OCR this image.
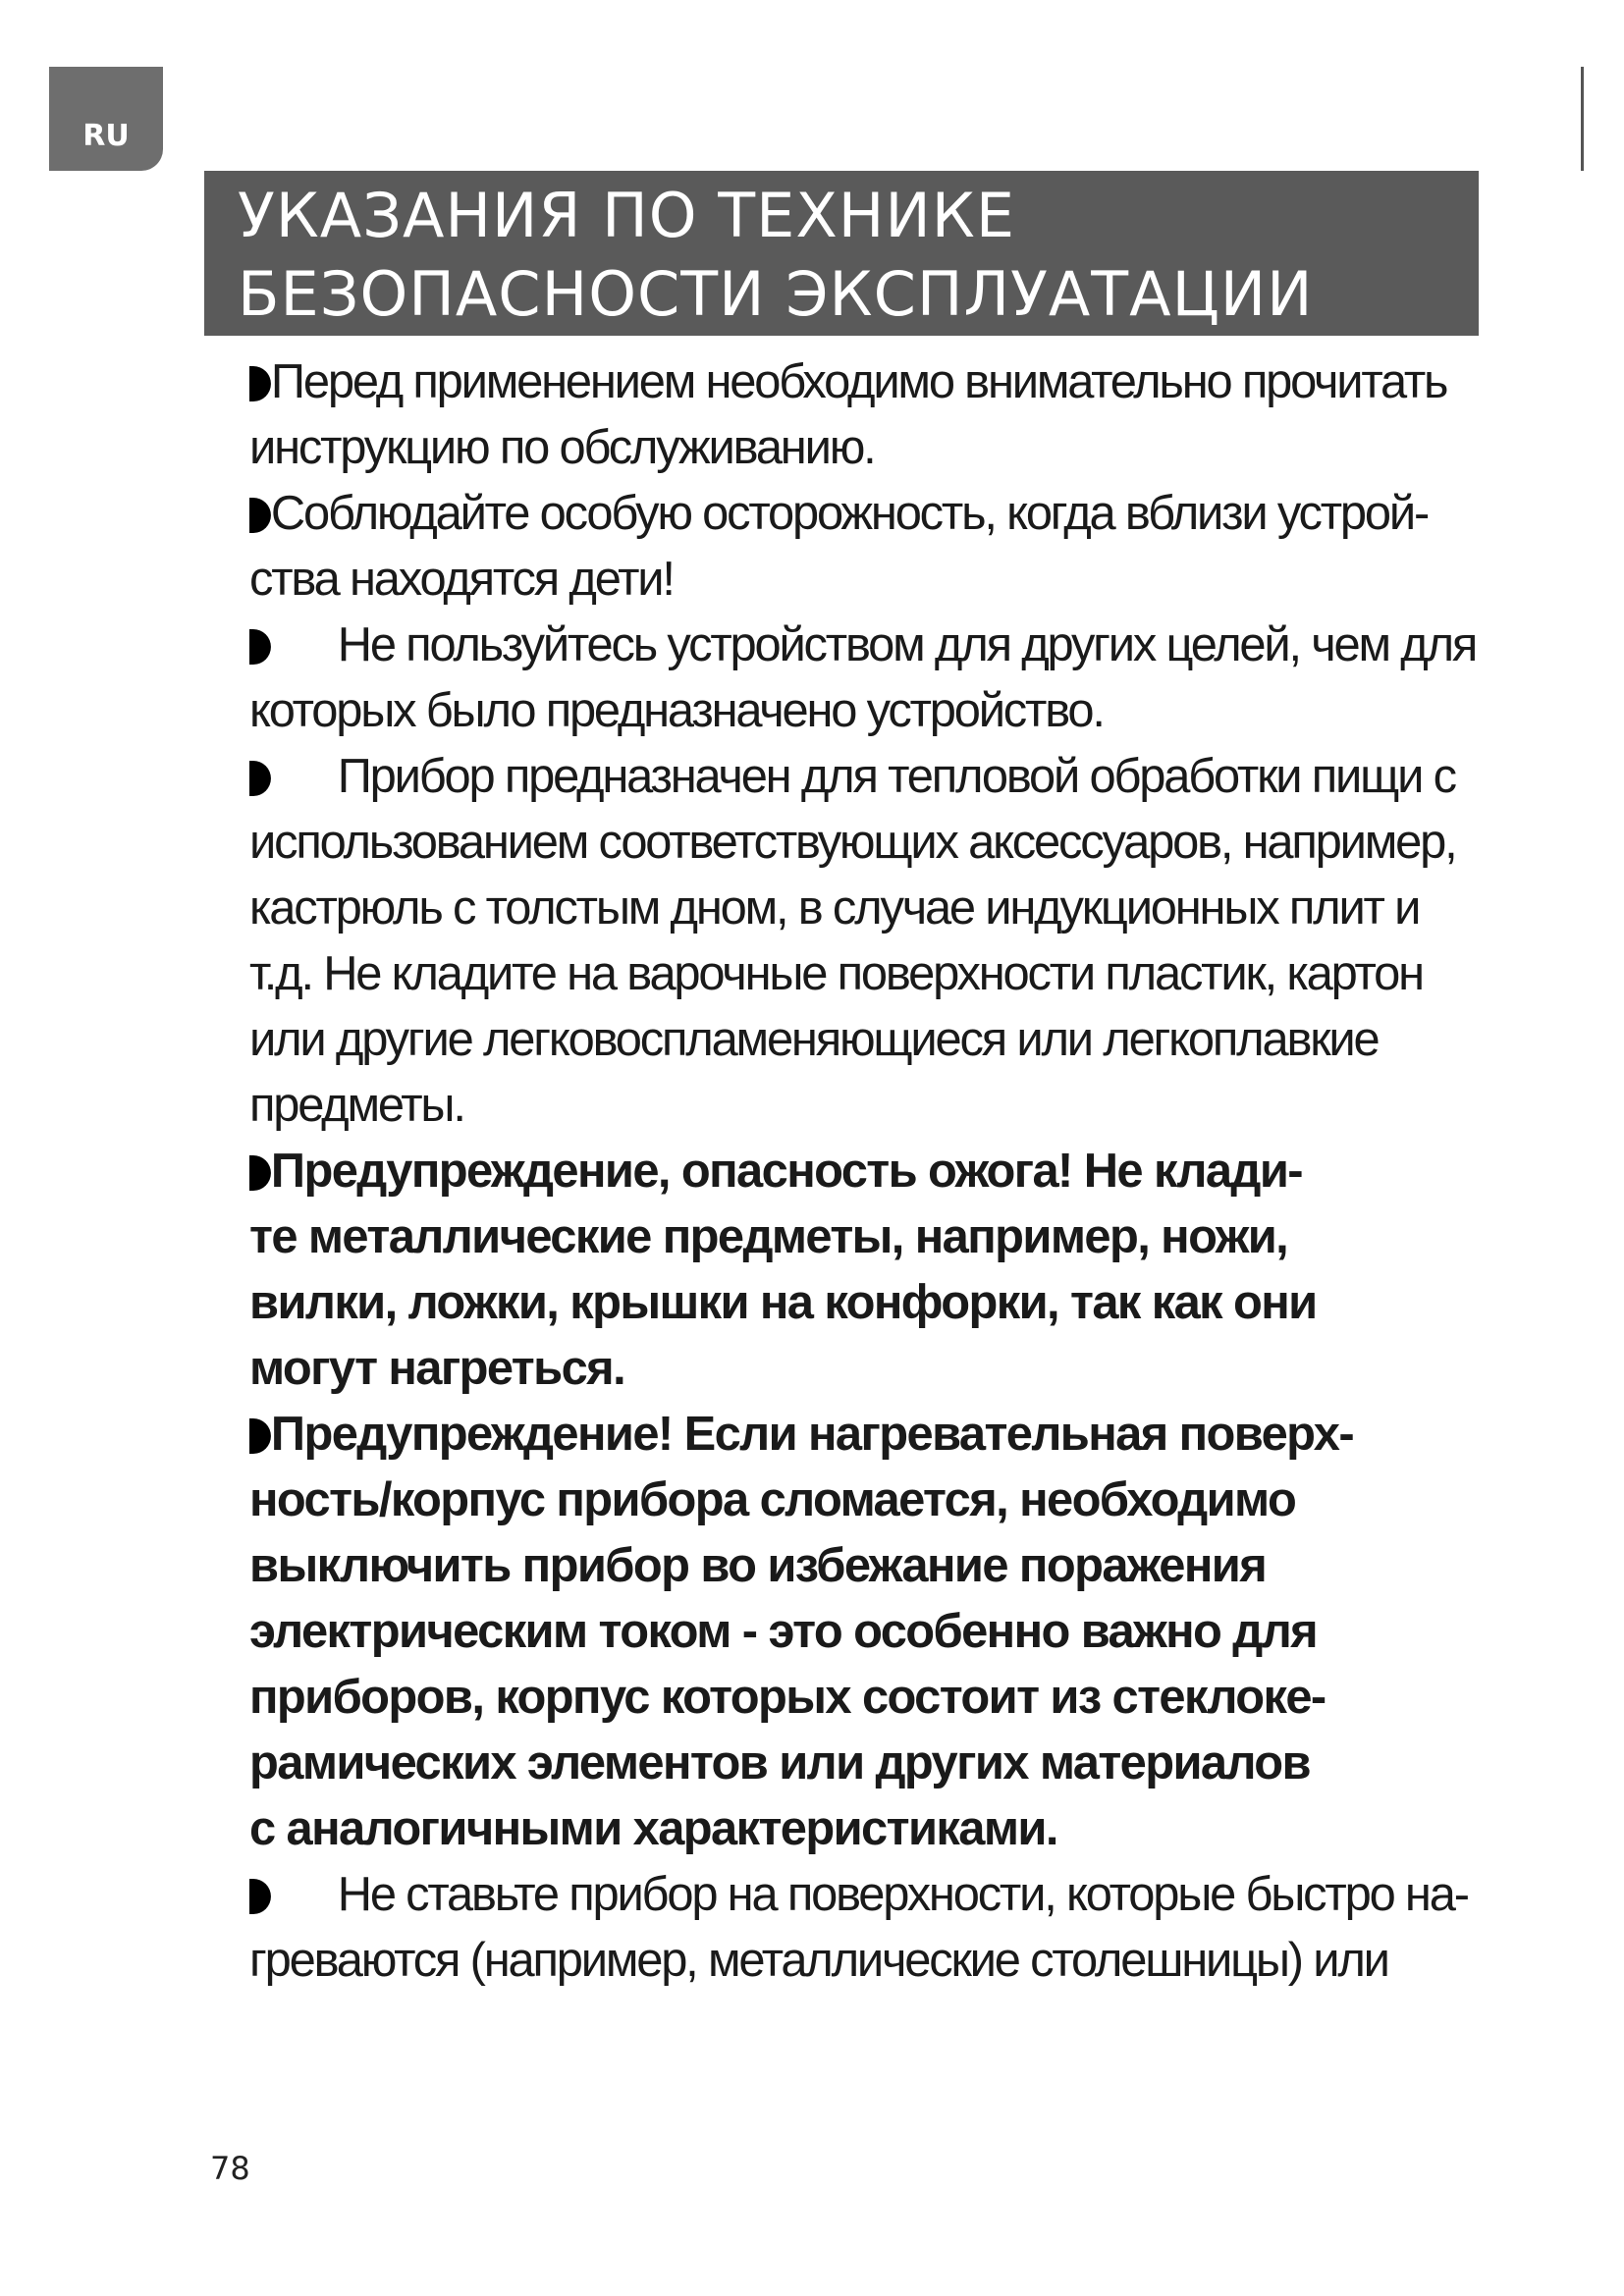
RU
УКАЗАНИЯ ПО ТЕХНИКЕ
БЕЗОПАСНОСТИ ЭКСПЛУАТАЦИИ
Перед применением необходимо внимательно прочитать
инструкцию по обслуживанию.
Соблюдайте особую осторожность, когда вблизи устрой-
ства находятся дети!
Не пользуйтесь устройством для других целей, чем для
которых было предназначено устройство.
Прибор предназначен для тепловой обработки пищи с
использованием соответствующих аксессуаров, например,
кастрюль с толстым дном, в случае индукционных плит и
т.д. Не кладите на варочные поверхности пластик, картон
или другие легковоспламеняющиеся или легкоплавкие
предметы.
Предупреждение, опасность ожога! Не клади-
те металлические предметы, например, ножи,
вилки, ложки, крышки на конфорки, так как они
могут нагреться.
Предупреждение! Если нагревательная поверх-
ность/корпус прибора сломается, необходимо
выключить прибор во избежание поражения
электрическим током - это особенно важно для
приборов, корпус которых состоит из стеклоке-
рамических элементов или других материалов
с аналогичными характеристиками.
Не ставьте прибор на поверхности, которые быстро на-
греваются (например, металлические столешницы) или
78
